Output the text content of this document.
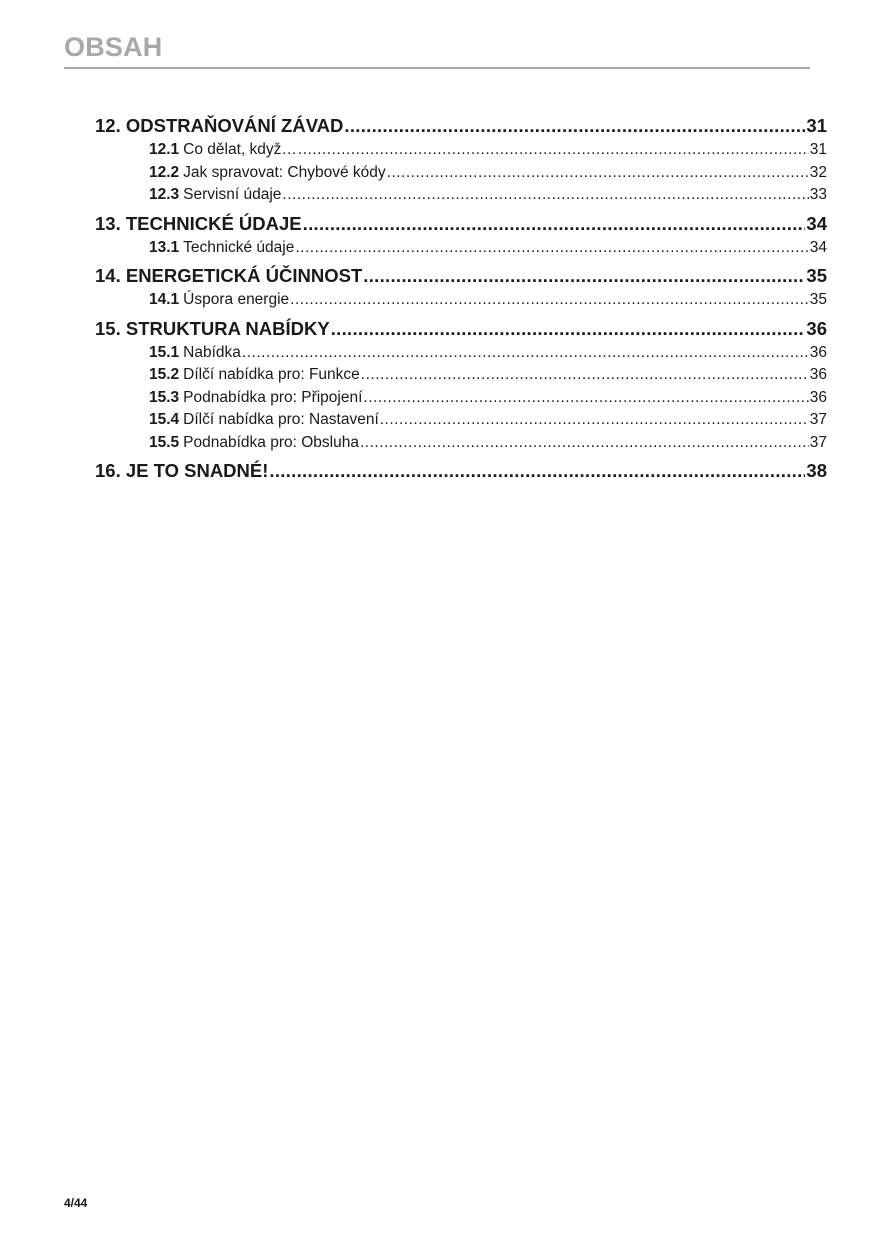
OBSAH
12. ODSTRAŇOVÁNÍ ZÁVAD .....	31
12.1 Co dělat, když… .....	31
12.2 Jak spravovat: Chybové kódy .....	32
12.3 Servisní údaje .....	33
13. TECHNICKÉ ÚDAJE .....	34
13.1 Technické údaje .....	34
14. ENERGETICKÁ ÚČINNOST .....	35
14.1 Úspora energie .....	35
15. STRUKTURA NABÍDKY .....	36
15.1 Nabídka .....	36
15.2 Dílčí nabídka pro: Funkce .....	36
15.3 Podnabídka pro: Připojení .....	36
15.4 Dílčí nabídka pro: Nastavení .....	37
15.5 Podnabídka pro: Obsluha .....	37
16. JE TO SNADNÉ! .....	38
4/44
